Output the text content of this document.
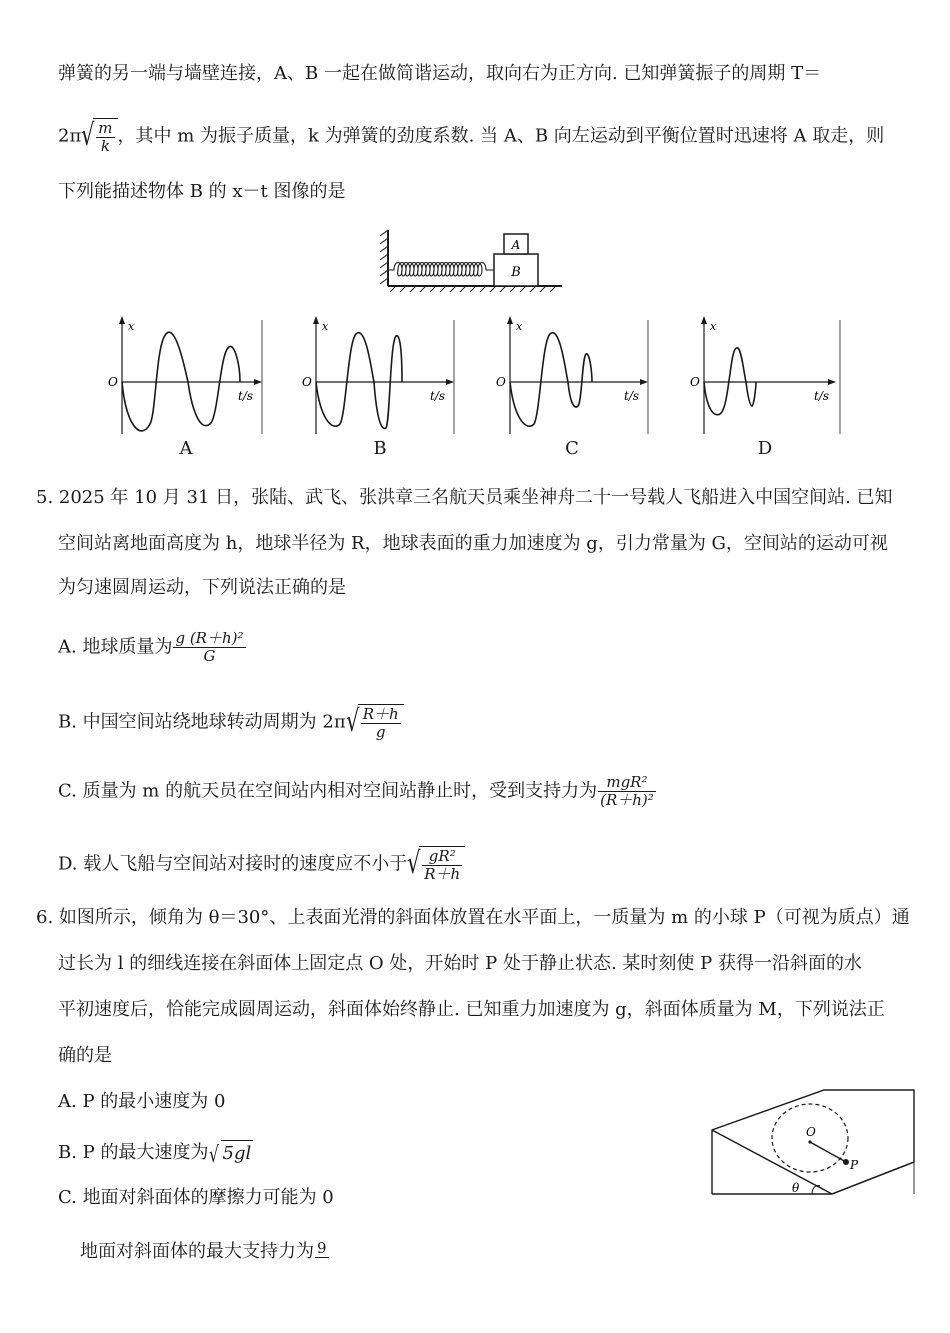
弹簧的另一端与墙壁连接，A、B 一起在做简谐运动，取向右为正方向. 已知弹簧振子的周期 T＝
2π √ $\frac{m}{k}$ ，其中 m 为振子质量，k 为弹簧的劲度系数. 当 A、B 向左运动到平衡位置时迅速将 A 取走，则
下列能描述物体 B 的 x－t 图像的是
B
A
x
O
t/s
x
O
t/s
x
O
t/s
x
O
t/s
A	B	C	D
5. 2025 年 10 月 31 日，张陆、武飞、张洪章三名航天员乘坐神舟二十一号载人飞船进入中国空间站. 已知
空间站离地面高度为 h，地球半径为 R，地球表面的重力加速度为 g，引力常量为 G，空间站的运动可视
为匀速圆周运动，下列说法正确的是
A. 地球质量为 $\frac{\text{g (R＋h)²}}{G}$
B. 中国空间站绕地球转动周期为 2π √ $\frac{R+h}{g}$
C. 质量为 m 的航天员在空间站内相对空间站静止时，受到支持力为 $\frac{\text{mgR²}}{\text{(R＋h)²}}$
D. 载人飞船与空间站对接时的速度应不小于 √ $\frac{\text{gR²}}{R+h}$
6. 如图所示，倾角为 θ＝30°、上表面光滑的斜面体放置在水平面上，一质量为 m 的小球 P（可视为质点）通
过长为 l 的细线连接在斜面体上固定点 O 处，开始时 P 处于静止状态. 某时刻使 P 获得一沿斜面的水
平初速度后，恰能完成圆周运动，斜面体始终静止. 已知重力加速度为 g，斜面体质量为 M，下列说法正
确的是
A. P 的最小速度为 0
B. P 的最大速度为 √ 5gl
C. 地面对斜面体的摩擦力可能为 0
地面对斜面体的最大支持力为 9
O
P
θ
